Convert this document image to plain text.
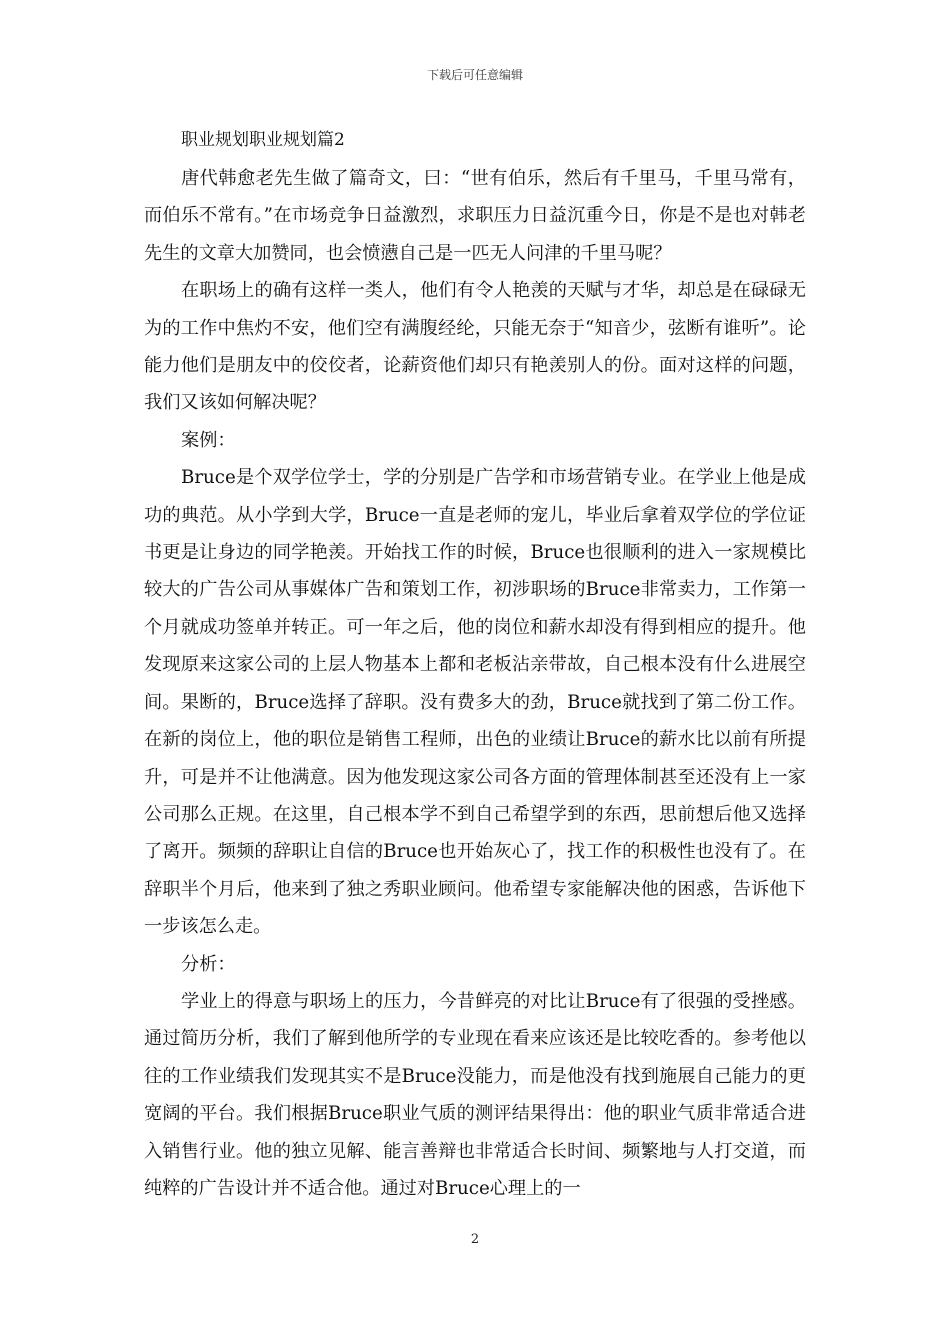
下载后可任意编辑
职业规划职业规划篇2

唐代韩愈老先生做了篇奇文，曰：“世有伯乐，然后有千里马，千里马常有，而伯乐不常有。”在市场竞争日益激烈，求职压力日益沉重今日，你是不是也对韩老先生的文章大加赞同，也会愤懑自己是一匹无人问津的千里马呢？

在职场上的确有这样一类人，他们有令人艳羡的天赋与才华，却总是在碌碌无为的工作中焦灼不安，他们空有满腹经纶，只能无奈于“知音少，弦断有谁听”。论能力他们是朋友中的佼佼者，论薪资他们却只有艳羡别人的份。面对这样的问题，我们又该如何解决呢？

案例：

Bruce是个双学位学士，学的分别是广告学和市场营销专业。在学业上他是成功的典范。从小学到大学，Bruce一直是老师的宠儿，毕业后拿着双学位的学位证书更是让身边的同学艳羡。开始找工作的时候，Bruce也很顺利的进入一家规模比较大的广告公司从事媒体广告和策划工作，初涉职场的Bruce非常卖力，工作第一个月就成功签单并转正。可一年之后，他的岗位和薪水却没有得到相应的提升。他发现原来这家公司的上层人物基本上都和老板沾亲带故，自己根本没有什么进展空间。果断的，Bruce选择了辞职。没有费多大的劲，Bruce就找到了第二份工作。在新的岗位上，他的职位是销售工程师，出色的业绩让Bruce的薪水比以前有所提升，可是并不让他满意。因为他发现这家公司各方面的管理体制甚至还没有上一家公司那么正规。在这里，自己根本学不到自己希望学到的东西，思前想后他又选择了离开。频频的辞职让自信的Bruce也开始灰心了，找工作的积极性也没有了。在辞职半个月后，他来到了独之秀职业顾问。他希望专家能解决他的困惑，告诉他下一步该怎么走。

分析：

学业上的得意与职场上的压力，今昔鲜亮的对比让Bruce有了很强的受挫感。通过简历分析，我们了解到他所学的专业现在看来应该还是比较吃香的。参考他以往的工作业绩我们发现其实不是Bruce没能力，而是他没有找到施展自己能力的更宽阔的平台。我们根据Bruce职业气质的测评结果得出：他的职业气质非常适合进入销售行业。他的独立见解、能言善辩也非常适合长时间、频繁地与人打交道，而纯粹的广告设计并不适合他。通过对Bruce心理上的一

2
